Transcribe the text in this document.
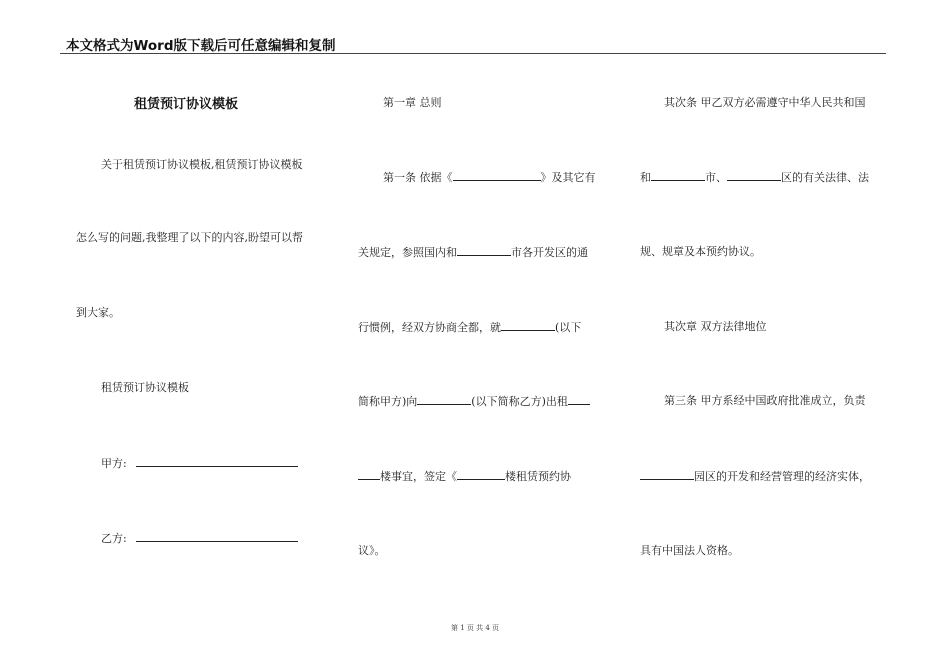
本文格式为Word版下载后可任意编辑和复制
租赁预订协议模板
关于租赁预订协议模板,租赁预订协议模板
怎么写的问题,我整理了以下的内容,盼望可以帮
到大家。
租赁预订协议模板
甲方:
乙方:
第一章 总则
第一条 依据《	》及其它有
关规定，参照国内和	市各开发区的通
行惯例，经双方协商全都，就	(以下
简称甲方)向	(以下简称乙方)出租
楼事宜，签定《	楼租赁预约协
议》。
其次条 甲乙双方必需遵守中华人民共和国
和	市、	区的有关法律、法
规、规章及本预约协议。
其次章 双方法律地位
第三条 甲方系经中国政府批准成立，负责
园区的开发和经营管理的经济实体，
具有中国法人资格。
第 1 页 共 4 页
